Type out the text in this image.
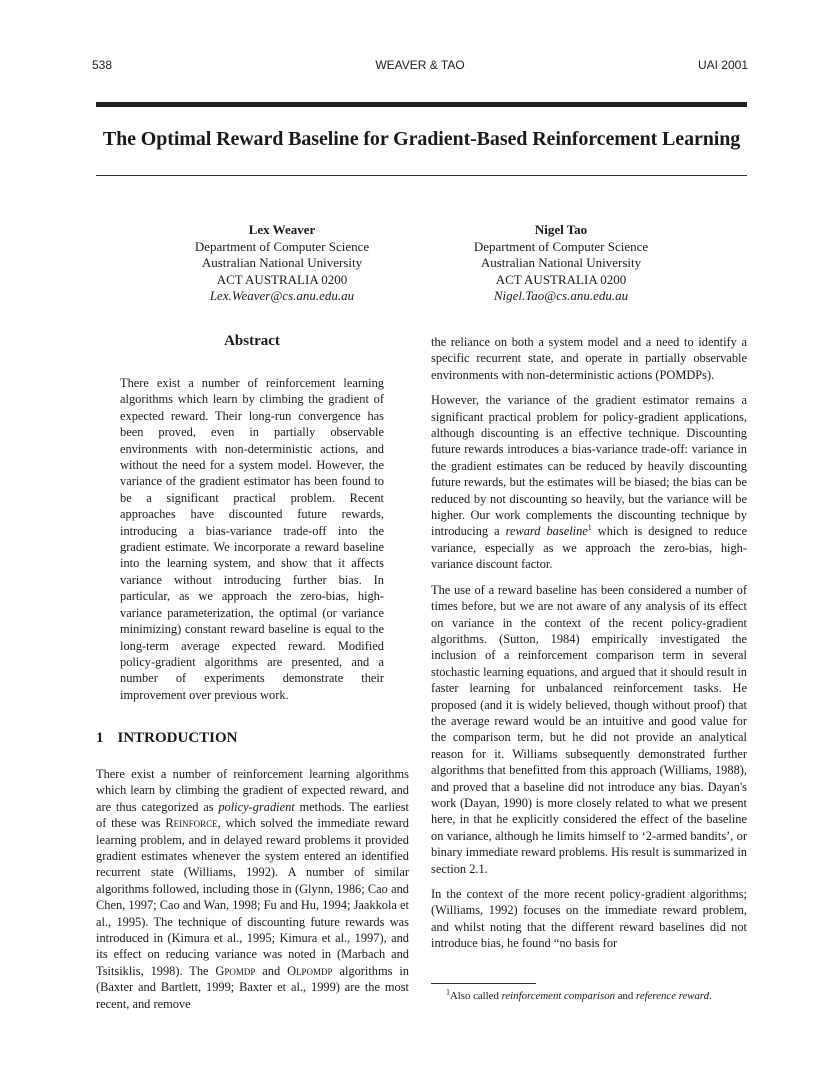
538	WEAVER & TAO	UAI 2001
The Optimal Reward Baseline for Gradient-Based Reinforcement Learning
Lex Weaver
Department of Computer Science
Australian National University
ACT AUSTRALIA 0200
Lex.Weaver@cs.anu.edu.au
Nigel Tao
Department of Computer Science
Australian National University
ACT AUSTRALIA 0200
Nigel.Tao@cs.anu.edu.au
Abstract

There exist a number of reinforcement learning algorithms which learn by climbing the gradient of expected reward. Their long-run convergence has been proved, even in partially observable environments with non-deterministic actions, and without the need for a system model. However, the variance of the gradient estimator has been found to be a significant practical problem. Recent approaches have discounted future rewards, introducing a bias-variance trade-off into the gradient estimate. We incorporate a reward baseline into the learning system, and show that it affects variance without introducing further bias. In particular, as we approach the zero-bias, high-variance parameterization, the optimal (or variance minimizing) constant reward baseline is equal to the long-term average expected reward. Modified policy-gradient algorithms are presented, and a number of experiments demonstrate their improvement over previous work.

1 INTRODUCTION

There exist a number of reinforcement learning algorithms which learn by climbing the gradient of expected reward, and are thus categorized as policy-gradient methods. The earliest of these was Reinforce, which solved the immediate reward learning problem, and in delayed reward problems it provided gradient estimates whenever the system entered an identified recurrent state (Williams, 1992). A number of similar algorithms followed, including those in (Glynn, 1986; Cao and Chen, 1997; Cao and Wan, 1998; Fu and Hu, 1994; Jaakkola et al., 1995). The technique of discounting future rewards was introduced in (Kimura et al., 1995; Kimura et al., 1997), and its effect on reducing variance was noted in (Marbach and Tsitsiklis, 1998). The Gpomdp and Olpomdp algorithms in (Baxter and Bartlett, 1999; Baxter et al., 1999) are the most recent, and remove

the reliance on both a system model and a need to identify a specific recurrent state, and operate in partially observable environments with non-deterministic actions (POMDPs).

However, the variance of the gradient estimator remains a significant practical problem for policy-gradient applications, although discounting is an effective technique. Discounting future rewards introduces a bias-variance trade-off: variance in the gradient estimates can be reduced by heavily discounting future rewards, but the estimates will be biased; the bias can be reduced by not discounting so heavily, but the variance will be higher. Our work complements the discounting technique by introducing a reward baseline$^1$ which is designed to reduce variance, especially as we approach the zero-bias, high-variance discount factor.

The use of a reward baseline has been considered a number of times before, but we are not aware of any analysis of its effect on variance in the context of the recent policy-gradient algorithms. (Sutton, 1984) empirically investigated the inclusion of a reinforcement comparison term in several stochastic learning equations, and argued that it should result in faster learning for unbalanced reinforcement tasks. He proposed (and it is widely believed, though without proof) that the average reward would be an intuitive and good value for the comparison term, but he did not provide an analytical reason for it. Williams subsequently demonstrated further algorithms that benefitted from this approach (Williams, 1988), and proved that a baseline did not introduce any bias. Dayan's work (Dayan, 1990) is more closely related to what we present here, in that he explicitly considered the effect of the baseline on variance, although he limits himself to ‘2-armed bandits’, or binary immediate reward problems. His result is summarized in section 2.1.

In the context of the more recent policy-gradient algorithms; (Williams, 1992) focuses on the immediate reward problem, and whilst noting that the different reward baselines did not introduce bias, he found “no basis for

$^1$Also called reinforcement comparison and reference reward.
